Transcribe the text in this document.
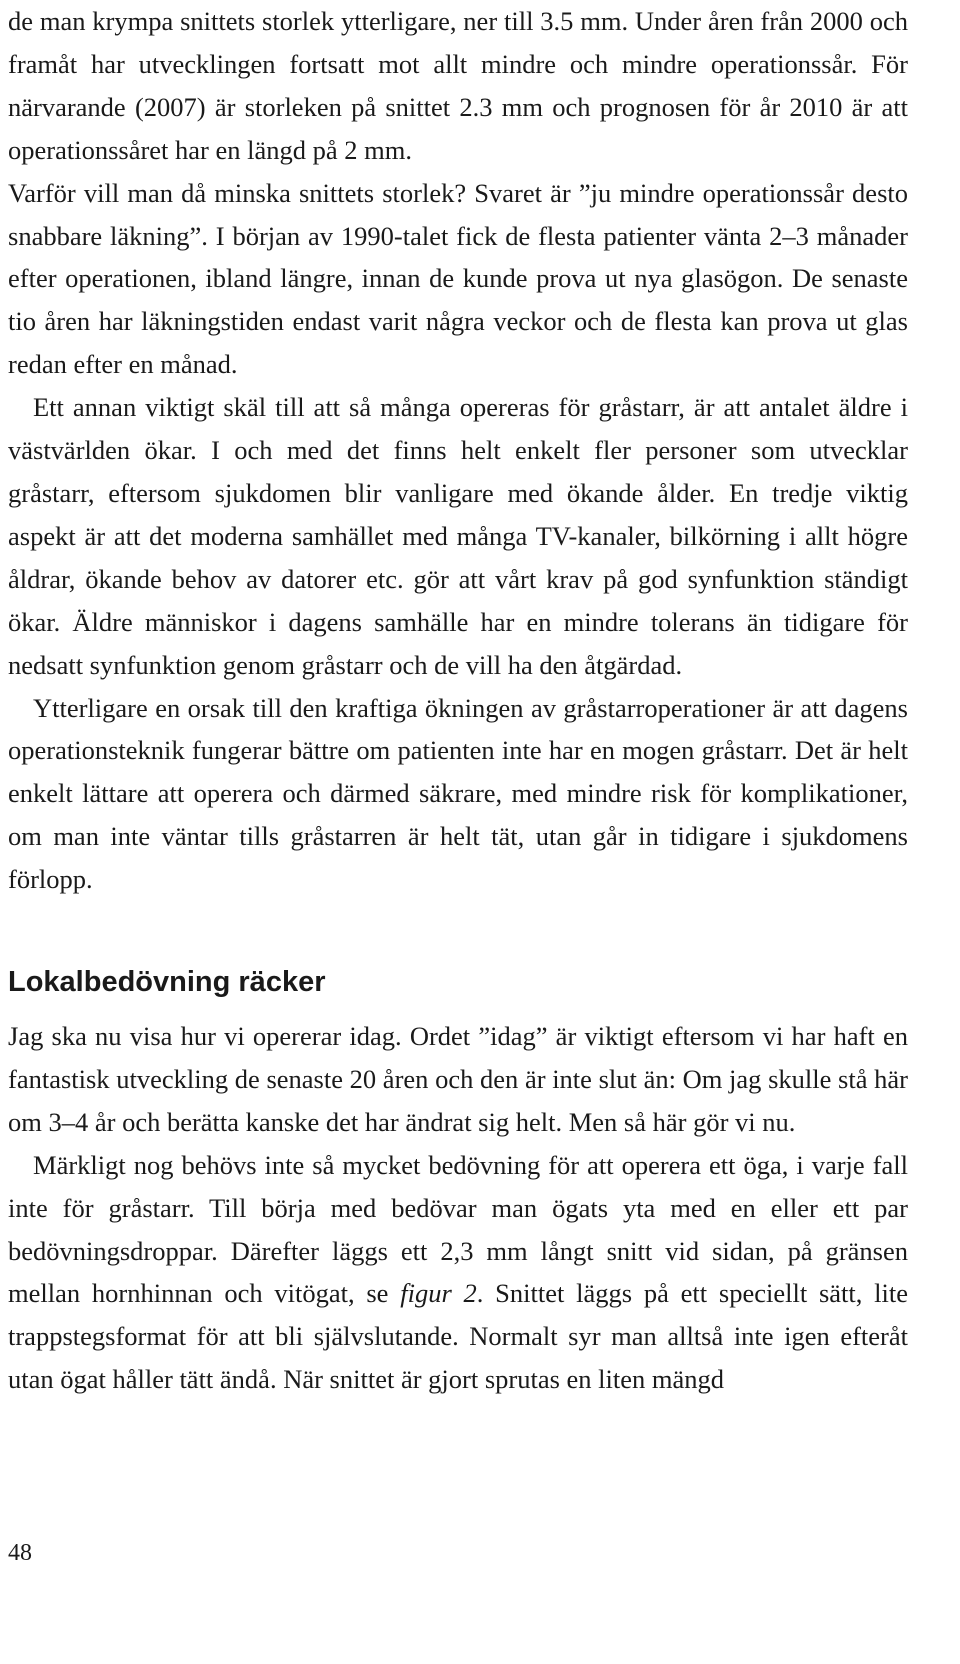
de man krympa snittets storlek ytterligare, ner till 3.5 mm. Under åren från 2000 och framåt har utvecklingen fortsatt mot allt mindre och mindre operationssår. För närvarande (2007) är storleken på snittet 2.3 mm och prognosen för år 2010 är att operationssåret har en längd på 2 mm.

Varför vill man då minska snittets storlek? Svaret är ”ju mindre operationssår desto snabbare läkning”. I början av 1990-talet fick de flesta patienter vänta 2–3 månader efter operationen, ibland längre, innan de kunde prova ut nya glasögon. De senaste tio åren har läkningstiden endast varit några veckor och de flesta kan prova ut glas redan efter en månad.

Ett annan viktigt skäl till att så många opereras för gråstarr, är att antalet äldre i västvärlden ökar. I och med det finns helt enkelt fler personer som utvecklar gråstarr, eftersom sjukdomen blir vanligare med ökande ålder. En tredje viktig aspekt är att det moderna samhället med många TV-kanaler, bilkörning i allt högre åldrar, ökande behov av datorer etc. gör att vårt krav på god synfunktion ständigt ökar. Äldre människor i dagens samhälle har en mindre tolerans än tidigare för nedsatt synfunktion genom gråstarr och de vill ha den åtgärdad.

Ytterligare en orsak till den kraftiga ökningen av gråstarroperationer är att dagens operationsteknik fungerar bättre om patienten inte har en mogen gråstarr. Det är helt enkelt lättare att operera och därmed säkrare, med mindre risk för komplikationer, om man inte väntar tills gråstarren är helt tät, utan går in tidigare i sjukdomens förlopp.

Lokalbedövning räcker

Jag ska nu visa hur vi opererar idag. Ordet ”idag” är viktigt eftersom vi har haft en fantastisk utveckling de senaste 20 åren och den är inte slut än: Om jag skulle stå här om 3–4 år och berätta kanske det har ändrat sig helt. Men så här gör vi nu.

Märkligt nog behövs inte så mycket bedövning för att operera ett öga, i varje fall inte för gråstarr. Till börja med bedövar man ögats yta med en eller ett par bedövningsdroppar. Därefter läggs ett 2,3 mm långt snitt vid sidan, på gränsen mellan hornhinnan och vitögat, se figur 2. Snittet läggs på ett speciellt sätt, lite trappstegsformat för att bli självslutande. Normalt syr man alltså inte igen efteråt utan ögat håller tätt ändå. När snittet är gjort sprutas en liten mängd

48
